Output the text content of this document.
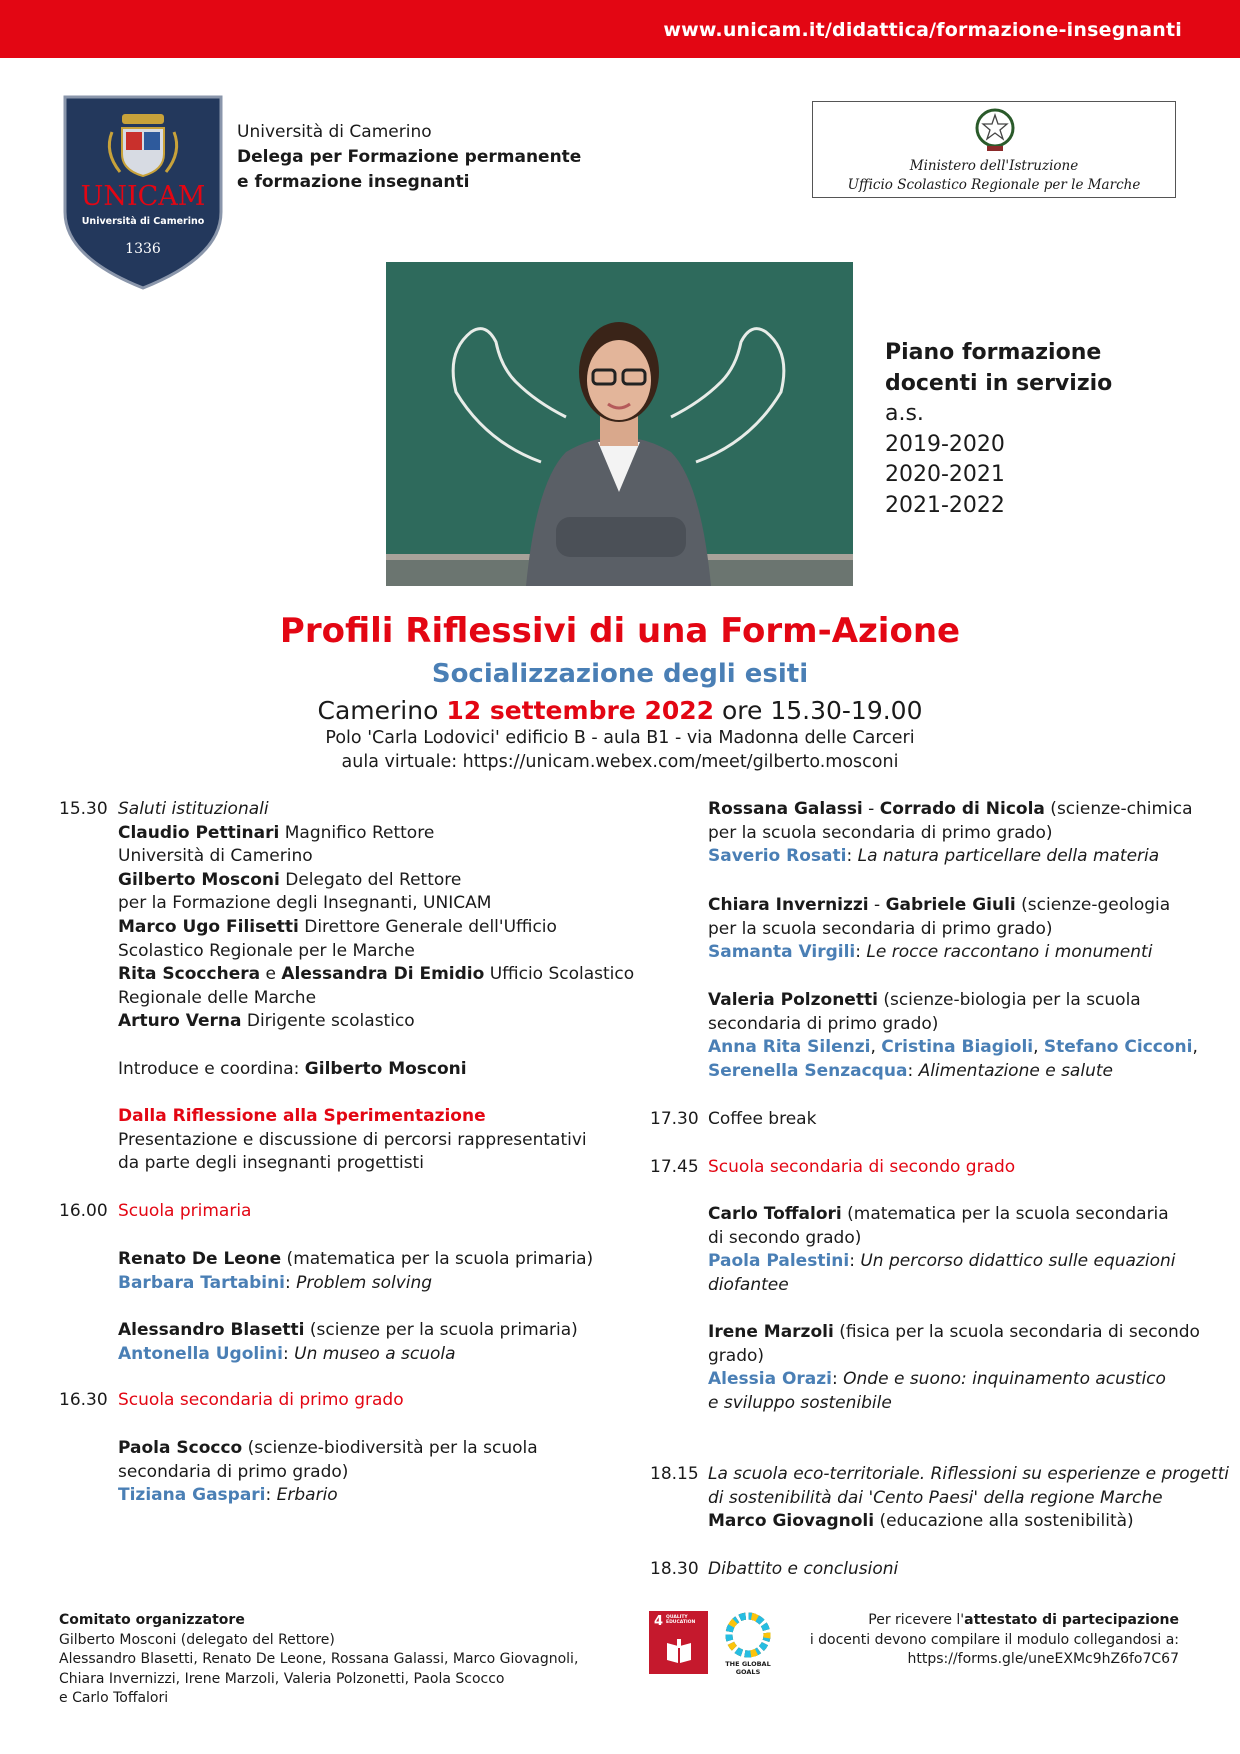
www.unicam.it/didattica/formazione-insegnanti
UNICAM
Università di Camerino
1336
Università di Camerino
Delega per Formazione permanente
e formazione insegnanti
Ministero dell'Istruzione
Ufficio Scolastico Regionale per le Marche
Piano formazione
docenti in servizio
a.s.
2019-2020
2020-2021
2021-2022
Profili Riflessivi di una Form-Azione
Socializzazione degli esiti
Camerino 12 settembre 2022 ore 15.30-19.00
Polo 'Carla Lodovici' edificio B - aula B1 - via Madonna delle Carceri
aula virtuale: https://unicam.webex.com/meet/gilberto.mosconi
15.30 Saluti istituzionali
Claudio Pettinari Magnifico Rettore
Università di Camerino
Gilberto Mosconi Delegato del Rettore
per la Formazione degli Insegnanti, UNICAM
Marco Ugo Filisetti Direttore Generale dell'Ufficio
Scolastico Regionale per le Marche
Rita Scocchera e Alessandra Di Emidio Ufficio Scolastico
Regionale delle Marche
Arturo Verna Dirigente scolastico
Introduce e coordina: Gilberto Mosconi
Dalla Riflessione alla Sperimentazione
Presentazione e discussione di percorsi rappresentativi
da parte degli insegnanti progettisti
16.00 Scuola primaria
Renato De Leone (matematica per la scuola primaria)
Barbara Tartabini: Problem solving
Alessandro Blasetti (scienze per la scuola primaria)
Antonella Ugolini: Un museo a scuola
16.30 Scuola secondaria di primo grado
Paola Scocco (scienze-biodiversità per la scuola
secondaria di primo grado)
Tiziana Gaspari: Erbario
Rossana Galassi - Corrado di Nicola (scienze-chimica
per la scuola secondaria di primo grado)
Saverio Rosati: La natura particellare della materia
Chiara Invernizzi - Gabriele Giuli (scienze-geologia
per la scuola secondaria di primo grado)
Samanta Virgili: Le rocce raccontano i monumenti
Valeria Polzonetti (scienze-biologia per la scuola
secondaria di primo grado)
Anna Rita Silenzi, Cristina Biagioli, Stefano Cicconi,
Serenella Senzacqua: Alimentazione e salute
17.30 Coffee break
17.45 Scuola secondaria di secondo grado
Carlo Toffalori (matematica per la scuola secondaria
di secondo grado)
Paola Palestini: Un percorso didattico sulle equazioni
diofantee
Irene Marzoli (fisica per la scuola secondaria di secondo
grado)
Alessia Orazi: Onde e suono: inquinamento acustico
e sviluppo sostenibile
18.15 La scuola eco-territoriale. Riflessioni su esperienze e progetti
di sostenibilità dai 'Cento Paesi' della regione Marche
Marco Giovagnoli (educazione alla sostenibilità)
18.30 Dibattito e conclusioni
Comitato organizzatore
Gilberto Mosconi (delegato del Rettore)
Alessandro Blasetti, Renato De Leone, Rossana Galassi, Marco Giovagnoli,
Chiara Invernizzi, Irene Marzoli, Valeria Polzonetti, Paola Scocco
e Carlo Toffalori
4 QUALITY EDUCATION
THE GLOBAL GOALS
Per ricevere l'attestato di partecipazione
i docenti devono compilare il modulo collegandosi a:
https://forms.gle/uneEXMc9hZ6fo7C67
